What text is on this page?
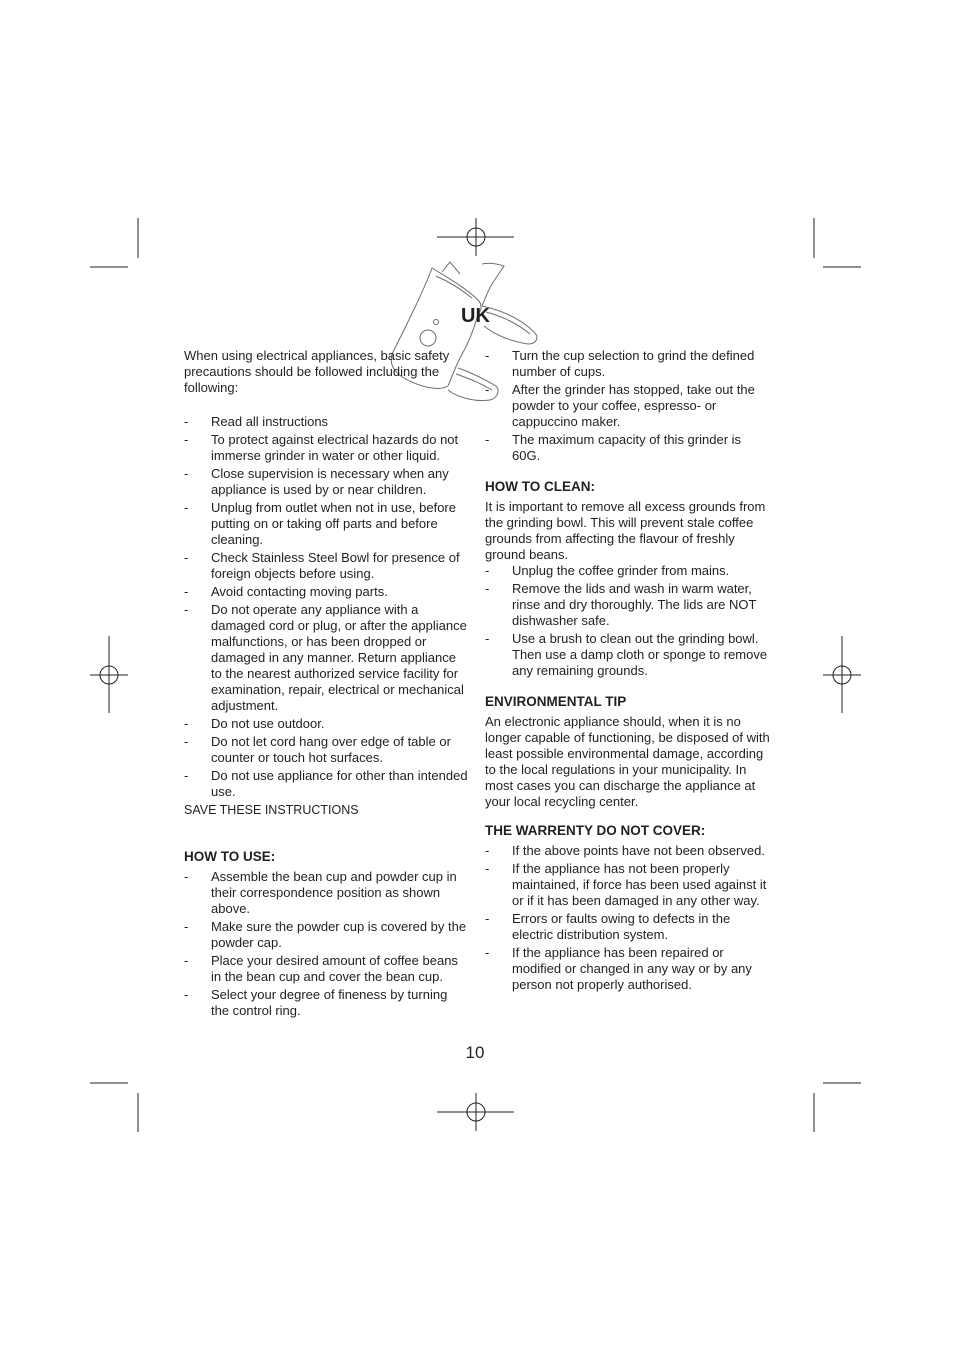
UK

When using electrical appliances, basic safety precautions should be followed including the following:

- Read all instructions
- To protect against electrical hazards do not immerse grinder in water or other liquid.
- Close supervision is necessary when any appliance is used by or near children.
- Unplug from outlet when not in use, before putting on or taking off parts and before cleaning.
- Check Stainless Steel Bowl for presence of foreign objects before using.
- Avoid contacting moving parts.
- Do not operate any appliance with a damaged cord or plug, or after the appliance malfunctions, or has been dropped or damaged in any manner. Return appliance to the nearest authorized service facility for examination, repair, electrical or mechanical adjustment.
- Do not use outdoor.
- Do not let cord hang over edge of table or counter or touch hot surfaces.
- Do not use appliance for other than intended use.

SAVE THESE INSTRUCTIONS

HOW TO USE:
- Assemble the bean cup and powder cup in their correspondence position as shown above.
- Make sure the powder cup is covered by the powder cap.
- Place your desired amount of coffee beans in the bean cup and cover the bean cup.
- Select your degree of fineness by turning the control ring.
- Turn the cup selection to grind the defined number of cups.
- After the grinder has stopped, take out the powder to your coffee, espresso- or cappuccino maker.
- The maximum capacity of this grinder is 60G.
HOW TO CLEAN:

It is important to remove all excess grounds from the grinding bowl. This will prevent stale coffee grounds from affecting the flavour of freshly ground beans.

- Unplug the coffee grinder from mains.
- Remove the lids and wash in warm water, rinse and dry thoroughly. The lids are NOT dishwasher safe.
- Use a brush to clean out the grinding bowl. Then use a damp cloth or sponge to remove any remaining grounds.
ENVIRONMENTAL TIP

An electronic appliance should, when it is no longer capable of functioning, be disposed of with least possible environmental damage, according to the local regulations in your municipality. In most cases you can discharge the appliance at your local recycling center.

THE WARRENTY DO NOT COVER:
- If the above points have not been observed.
- If the appliance has not been properly maintained, if force has been used against it or if it has been damaged in any other way.
- Errors or faults owing to defects in the electric distribution system.
- If the appliance has been repaired or modified or changed in any way or by any person not properly authorised.
10
